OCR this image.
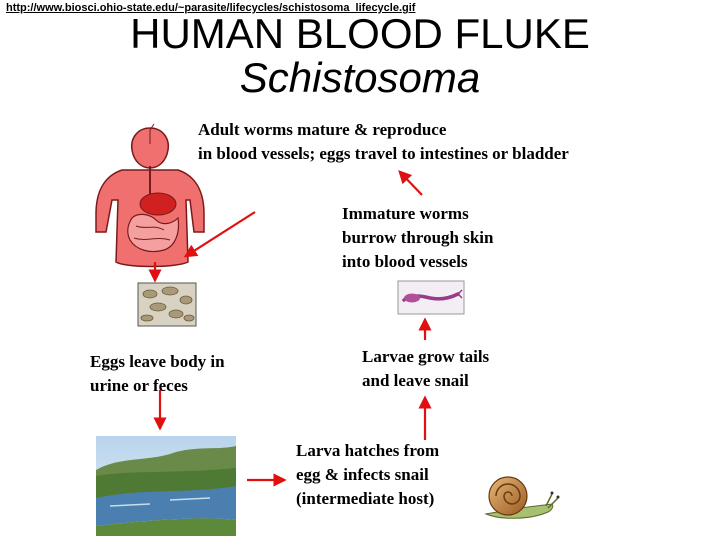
http://www.biosci.ohio-state.edu/~parasite/lifecycles/schistosoma_lifecycle.gif
HUMAN BLOOD FLUKE
Schistosoma
Adult worms mature & reproduce
in blood vessels; eggs travel to intestines or bladder
Immature worms
burrow through skin
into blood vessels
Eggs leave body in
urine or feces
Larvae grow tails
and leave snail
Larva hatches from
egg & infects snail
(intermediate host)
